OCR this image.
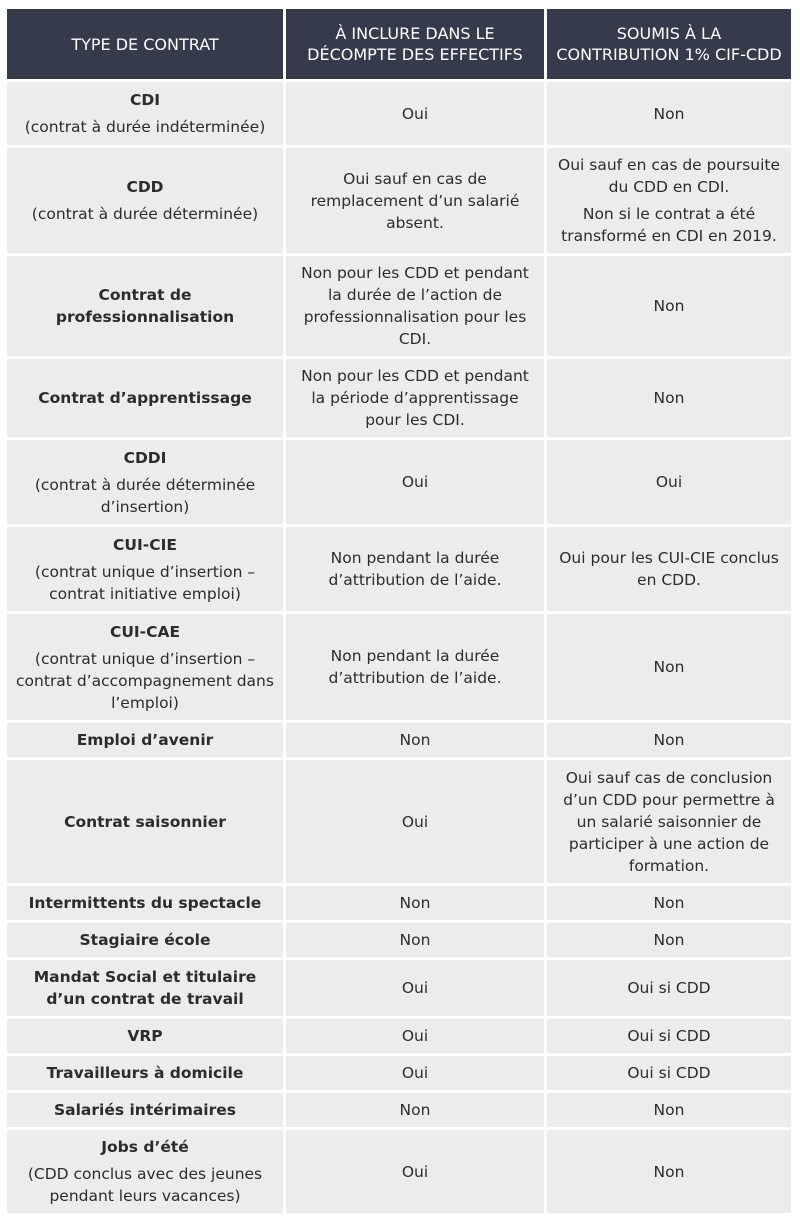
TYPE DE CONTRAT	À INCLURE DANS LE DÉCOMPTE DES EFFECTIFS	SOUMIS À LA CONTRIBUTION 1% CIF-CDD

CDI
(contrat à durée indéterminée)	Oui	Non

CDD
(contrat à durée déterminée)	Oui sauf en cas de remplacement d’un salarié absent.	Oui sauf en cas de poursuite du CDD en CDI.
Non si le contrat a été transformé en CDI en 2019.

Contrat de professionnalisation	Non pour les CDD et pendant la durée de l’action de professionnalisation pour les CDI.	Non

Contrat d’apprentissage	Non pour les CDD et pendant la période d’apprentissage pour les CDI.	Non

CDDI
(contrat à durée déterminée d’insertion)	Oui	Oui

CUI-CIE
(contrat unique d’insertion – contrat initiative emploi)	Non pendant la durée d’attribution de l’aide.	Oui pour les CUI-CIE conclus en CDD.

CUI-CAE
(contrat unique d’insertion – contrat d’accompagnement dans l’emploi)	Non pendant la durée d’attribution de l’aide.	Non

Emploi d’avenir	Non	Non

Contrat saisonnier	Oui	Oui sauf cas de conclusion d’un CDD pour permettre à un salarié saisonnier de participer à une action de formation.

Intermittents du spectacle	Non	Non

Stagiaire école	Non	Non

Mandat Social et titulaire d’un contrat de travail	Oui	Oui si CDD

VRP	Oui	Oui si CDD

Travailleurs à domicile	Oui	Oui si CDD

Salariés intérimaires	Non	Non

Jobs d’été
(CDD conclus avec des jeunes pendant leurs vacances)	Oui	Non
